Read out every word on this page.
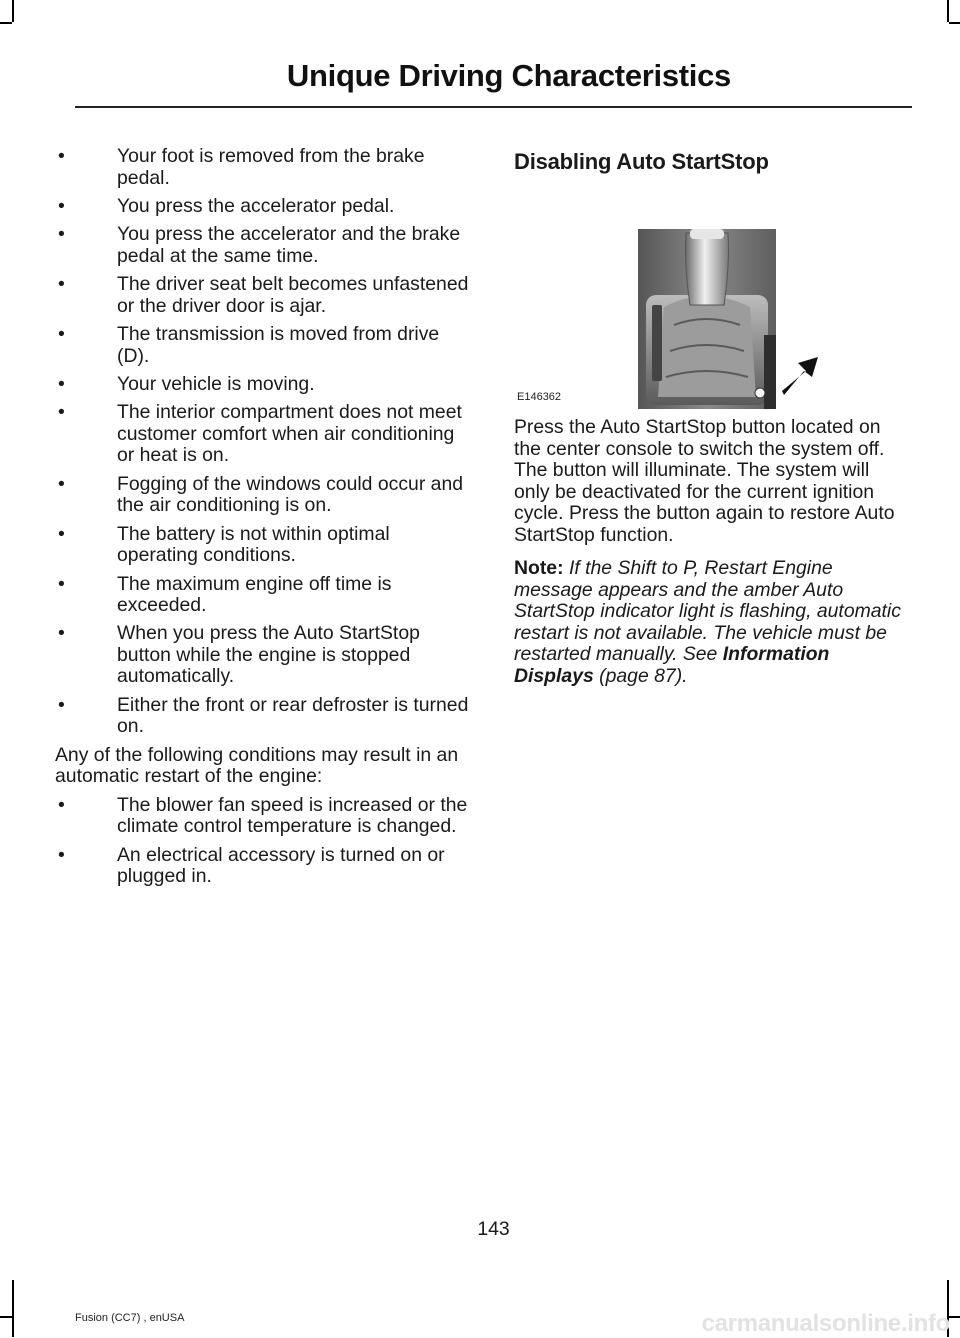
Unique Driving Characteristics
•	Your foot is removed from the brake pedal.
•	You press the accelerator pedal.
•	You press the accelerator and the brake pedal at the same time.
•	The driver seat belt becomes unfastened or the driver door is ajar.
•	The transmission is moved from drive (D).
•	Your vehicle is moving.
•	The interior compartment does not meet customer comfort when air conditioning or heat is on.
•	Fogging of the windows could occur and the air conditioning is on.
•	The battery is not within optimal operating conditions.
•	The maximum engine off time is exceeded.
•	When you press the Auto StartStop button while the engine is stopped automatically.
•	Either the front or rear defroster is turned on.

Any of the following conditions may result in an automatic restart of the engine:

•	The blower fan speed is increased or the climate control temperature is changed.
•	An electrical accessory is turned on or plugged in.
Disabling Auto StartStop
E146362

Press the Auto StartStop button located on the center console to switch the system off. The button will illuminate. The system will only be deactivated for the current ignition cycle. Press the button again to restore Auto StartStop function.

Note: If the Shift to P, Restart Engine message appears and the amber Auto StartStop indicator light is flashing, automatic restart is not available. The vehicle must be restarted manually. See Information Displays (page 87).
143
Fusion (CC7) , enUSA	carmanualsonline.info
